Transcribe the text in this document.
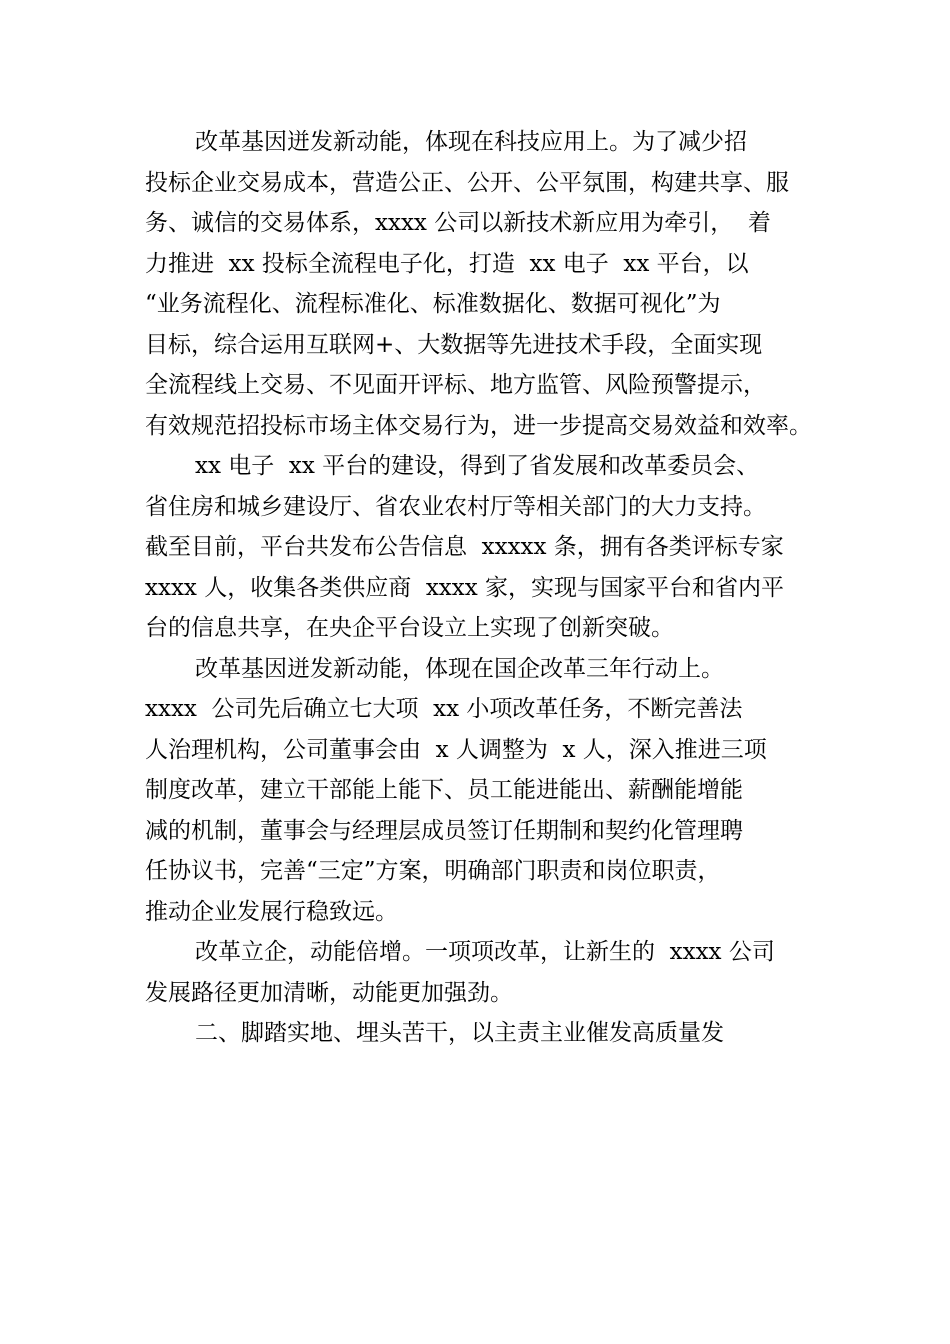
改革基因迸发新动能，体现在科技应用上。为了减少招
投标企业交易成本，营造公正、公开、公平氛围，构建共享、服
务、诚信的交易体系，xxxx 公司以新技术新应用为牵引，  着
力推进  xx 投标全流程电子化，打造  xx 电子  xx 平台，以
“业务流程化、流程标准化、标准数据化、数据可视化”为
目标，综合运用互联网+、大数据等先进技术手段，全面实现
全流程线上交易、不见面开评标、地方监管、风险预警提示，
有效规范招投标市场主体交易行为，进一步提高交易效益和效率。
xx 电子  xx 平台的建设，得到了省发展和改革委员会、
省住房和城乡建设厅、省农业农村厅等相关部门的大力支持。
截至目前，平台共发布公告信息  xxxxx 条，拥有各类评标专家
xxxx 人，收集各类供应商  xxxx 家，实现与国家平台和省内平
台的信息共享，在央企平台设立上实现了创新突破。
改革基因迸发新动能，体现在国企改革三年行动上。
xxxx  公司先后确立七大项  xx 小项改革任务，不断完善法
人治理机构，公司董事会由  x 人调整为  x 人，深入推进三项
制度改革，建立干部能上能下、员工能进能出、薪酬能增能
减的机制，董事会与经理层成员签订任期制和契约化管理聘
任协议书，完善“三定”方案，明确部门职责和岗位职责，
推动企业发展行稳致远。
改革立企，动能倍增。一项项改革，让新生的  xxxx 公司
发展路径更加清晰，动能更加强劲。
二、脚踏实地、埋头苦干，以主责主业催发高质量发
